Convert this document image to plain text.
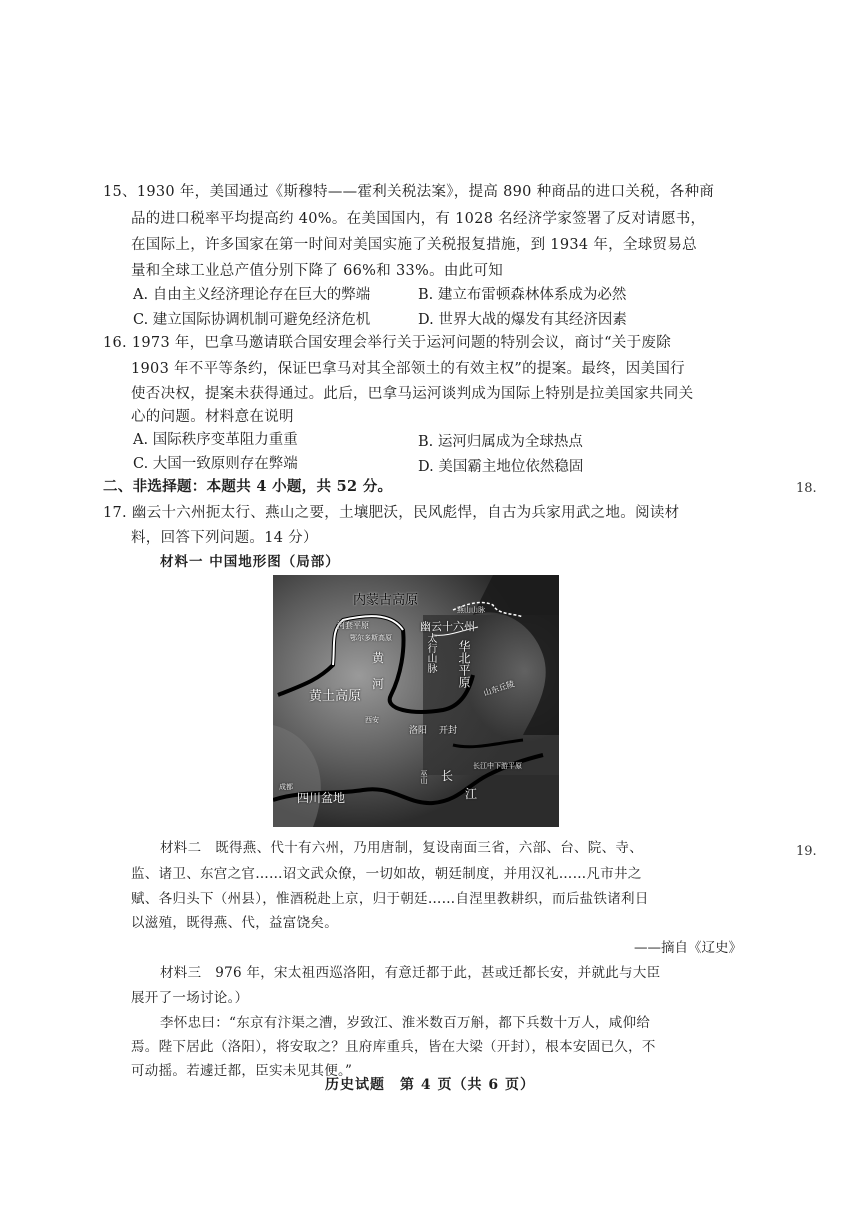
15、1930 年，美国通过《斯穆特——霍利关税法案》，提高 890 种商品的进口关税，各种商
品的进口税率平均提高约 40%。在美国国内，有 1028 名经济学家签署了反对请愿书，
在国际上，许多国家在第一时间对美国实施了关税报复措施，到 1934 年，全球贸易总
量和全球工业总产值分别下降了 66%和 33%。由此可知
A. 自由主义经济理论存在巨大的弊端	B. 建立布雷顿森林体系成为必然
C. 建立国际协调机制可避免经济危机	D. 世界大战的爆发有其经济因素
16. 1973 年，巴拿马邀请联合国安理会举行关于运河问题的特别会议，商讨“关于废除
1903 年不平等条约，保证巴拿马对其全部领土的有效主权”的提案。最终，因美国行
使否决权，提案未获得通过。此后，巴拿马运河谈判成为国际上特别是拉美国家共同关
心的问题。材料意在说明
A. 国际秩序变革阻力重重	B. 运河归属成为全球热点
C. 大国一致原则存在弊端	D. 美国霸主地位依然稳固
二、非选择题：本题共 4 小题，共 52 分。
17. 幽云十六州扼太行、燕山之要，土壤肥沃，民风彪悍，自古为兵家用武之地。阅读材
料，回答下列问题。14 分）
材料一 中国地形图（局部）
内蒙古高原
燕山山脉
河套平原	幽云十六州
鄂尔多斯高原
黄	太行山脉 华北平原
河
黄土高原	山东丘陵
西安
洛阳 开封
长江中下游平原
成都
四川盆地
巫山 长
江
材料二　既得燕、代十有六州，乃用唐制，复设南面三省，六部、台、院、寺、
监、诸卫、东宫之官……诏文武众僚，一切如故，朝廷制度，并用汉礼……凡市井之
赋、各归头下（州县），惟酒税赴上京，归于朝廷……自涅里教耕织，而后盐铁诸利日
以滋殖，既得燕、代，益富饶矣。
——摘自《辽史》
材料三　976 年，宋太祖西巡洛阳，有意迁都于此，甚或迁都长安，并就此与大臣
展开了一场讨论。）
李怀忠曰：“东京有汴渠之漕，岁致江、淮米数百万斛，都下兵数十万人，咸仰给
焉。陛下居此（洛阳），将安取之？且府库重兵，皆在大梁（开封），根本安固已久，不
可动摇。若遽迁都，臣实未见其便。”
18.
19.
历史试题　第 4 页（共 6 页）
